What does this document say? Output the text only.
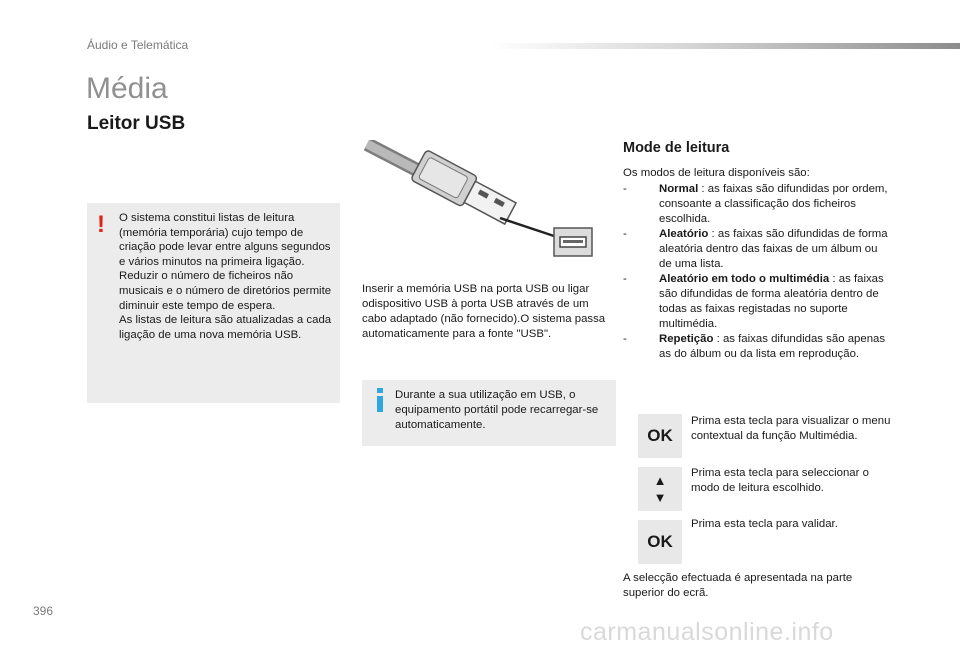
Áudio e Telemática
Média
Leitor USB
! O sistema constitui listas de leitura (memória temporária) cujo tempo de criação pode levar entre alguns segundos e vários minutos na primeira ligação.
Reduzir o número de ficheiros não musicais e o número de diretórios permite diminuir este tempo de espera.
As listas de leitura são atualizadas a cada ligação de uma nova memória USB.
Inserir a memória USB na porta USB ou ligar odispositivo USB à porta USB através de um cabo adaptado (não fornecido).O sistema passa automaticamente para a fonte "USB".
Durante a sua utilização em USB, o equipamento portátil pode recarregar-se automaticamente.
Mode de leitura
Os modos de leitura disponíveis são:
-	Normal : as faixas são difundidas por ordem, consoante a classificação dos ficheiros escolhida.
-	Aleatório : as faixas são difundidas de forma aleatória dentro das faixas de um álbum ou de uma lista.
-	Aleatório em todo o multimédia : as faixas são difundidas de forma aleatória dentro de todas as faixas registadas no suporte multimédia.
-	Repetição : as faixas difundidas são apenas as do álbum ou da lista em reprodução.
OK
Prima esta tecla para visualizar o menu contextual da função Multimédia.
▲
▼
Prima esta tecla para seleccionar o modo de leitura escolhido.
OK
Prima esta tecla para validar.
A selecção efectuada é apresentada na parte superior do ecrã.
396
carmanualsonline.info
